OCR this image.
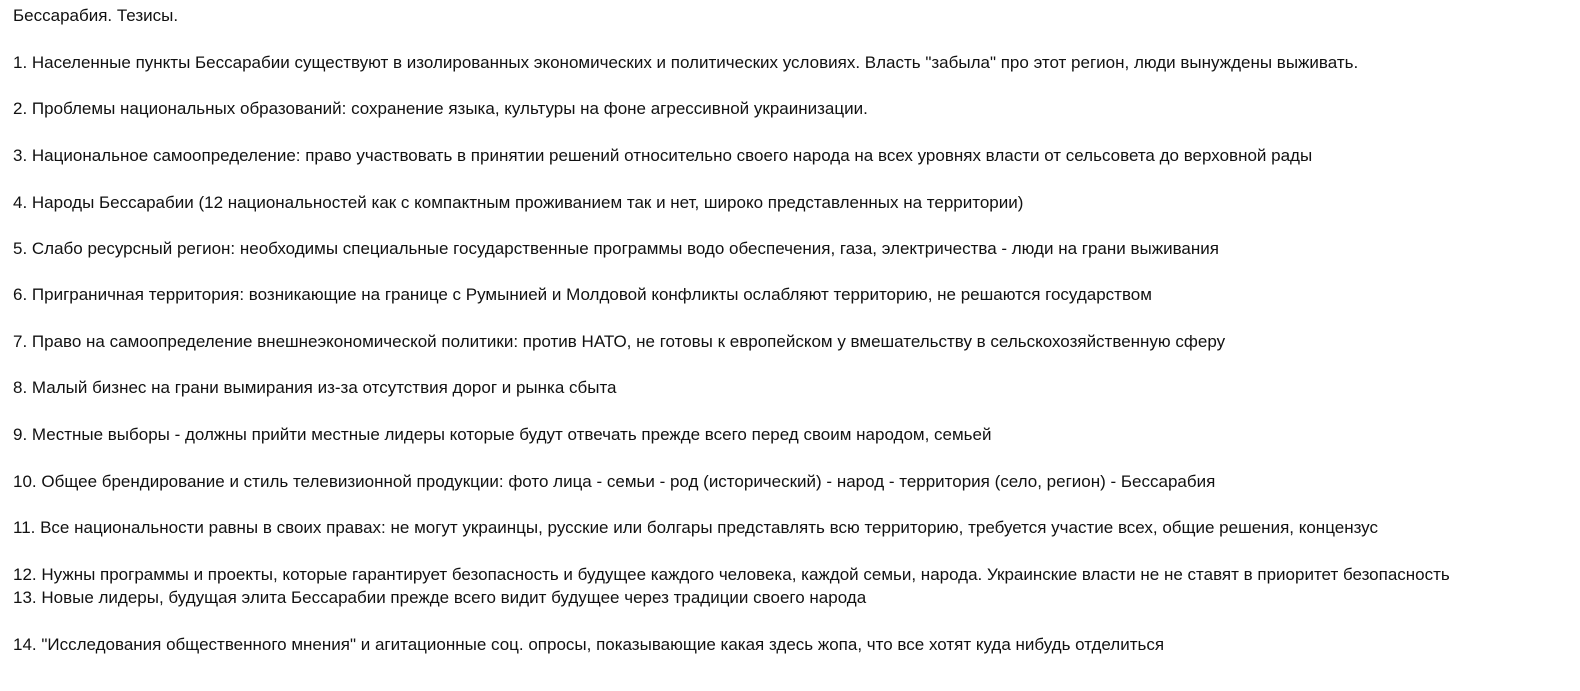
Бессарабия. Тезисы.
1. Населенные пункты Бессарабии существуют в изолированных экономических и политических условиях. Власть "забыла" про этот регион, люди вынуждены выживать.
2. Проблемы национальных образований: сохранение языка, культуры на фоне агрессивной украинизации.
3. Национальное самоопределение: право участвовать в принятии решений относительно своего народа на всех уровнях власти от сельсовета до верховной рады
4. Народы Бессарабии (12 национальностей как с компактным проживанием так и нет, широко представленных на территории)
5. Слабо ресурсный регион: необходимы специальные государственные программы водо обеспечения, газа, электричества - люди на грани выживания
6. Приграничная территория: возникающие на границе с Румынией и Молдовой конфликты ослабляют территорию, не решаются государством
7. Право на самоопределение внешнеэкономической политики: против НАТО, не готовы к европейском у вмешательству в сельскохозяйственную сферу
8. Малый бизнес на грани вымирания из-за отсутствия дорог и рынка сбыта
9. Местные выборы - должны прийти местные лидеры которые будут отвечать прежде всего перед своим народом, семьей
10. Общее брендирование и стиль телевизионной продукции: фото лица - семьи - род (исторический) - народ - территория (село, регион) - Бессарабия
11. Все национальности равны в своих правах: не могут украинцы, русские или болгары представлять всю территорию, требуется участие всех, общие решения, концензус
12. Нужны программы и проекты, которые гарантирует безопасность и будущее каждого человека, каждой семьи, народа. Украинские власти не не ставят в приоритет безопасность
13. Новые лидеры, будущая элита Бессарабии прежде всего видит будущее через традиции своего народа
14. "Исследования общественного мнения" и агитационные соц. опросы, показывающие какая здесь жопа, что все хотят куда нибудь отделиться
